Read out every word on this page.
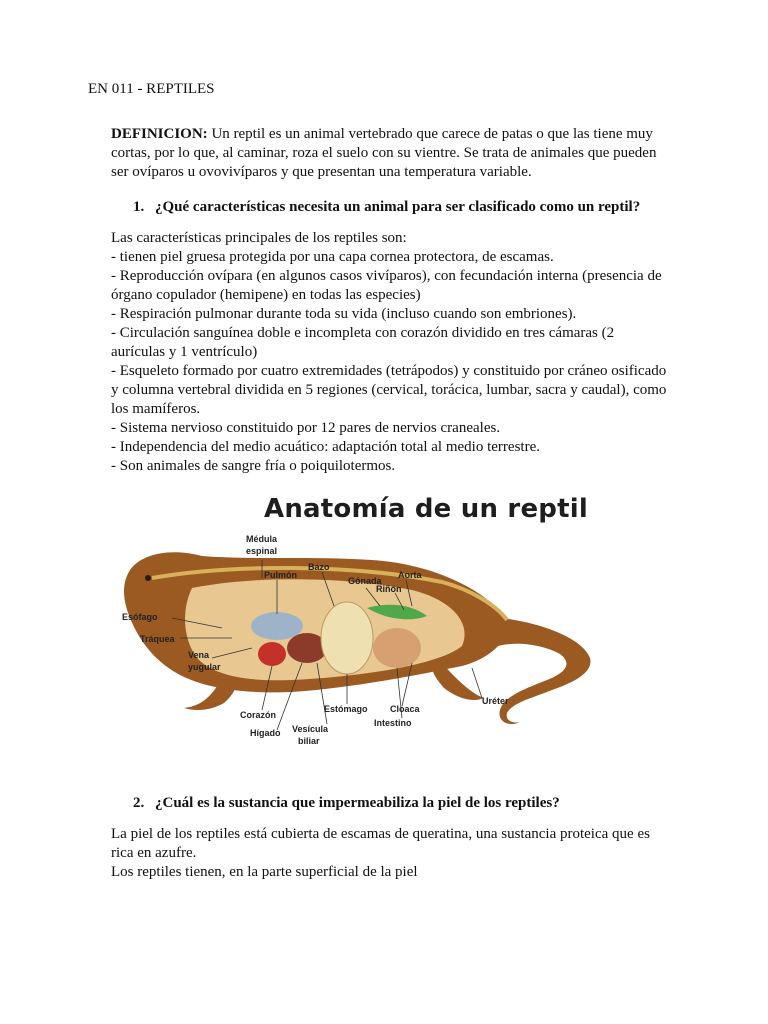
EN 011 - REPTILES
DEFINICION: Un reptil es un animal vertebrado que carece de patas o que las tiene muy cortas, por lo que, al caminar, roza el suelo con su vientre. Se trata de animales que pueden ser ovíparos u ovovivíparos y que presentan una temperatura variable.
1. ¿Qué características necesita un animal para ser clasificado como un reptil?
Las características principales de los reptiles son:
- tienen piel gruesa protegida por una capa cornea protectora, de escamas.
- Reproducción ovípara (en algunos casos vivíparos), con fecundación interna (presencia de órgano copulador (hemipene) en todas las especies)
- Respiración pulmonar durante toda su vida (incluso cuando son embriones).
- Circulación sanguínea doble e incompleta con corazón dividido en tres cámaras (2 aurículas y 1 ventrículo)
- Esqueleto formado por cuatro extremidades (tetrápodos) y constituido por cráneo osificado y columna vertebral dividida en 5 regiones (cervical, torácica, lumbar, sacra y caudal), como los mamíferos.
- Sistema nervioso constituido por 12 pares de nervios craneales.
- Independencia del medio acuático: adaptación total al medio terrestre.
- Son animales de sangre fría o poiquilotermos.
Anatomía de un reptil
Médula
espinal
Pulmón
Bazo
Gónada
Aorta
Riñón
Esófago
Tráquea
Vena
yugular
Corazón
Hígado Vesícula
biliar
Estómago Cloaca
Intestino
Uréter
2. ¿Cuál es la sustancia que impermeabiliza la piel de los reptiles?
La piel de los reptiles está cubierta de escamas de queratina, una sustancia proteica que es rica en azufre.
Los reptiles tienen, en la parte superficial de la piel
